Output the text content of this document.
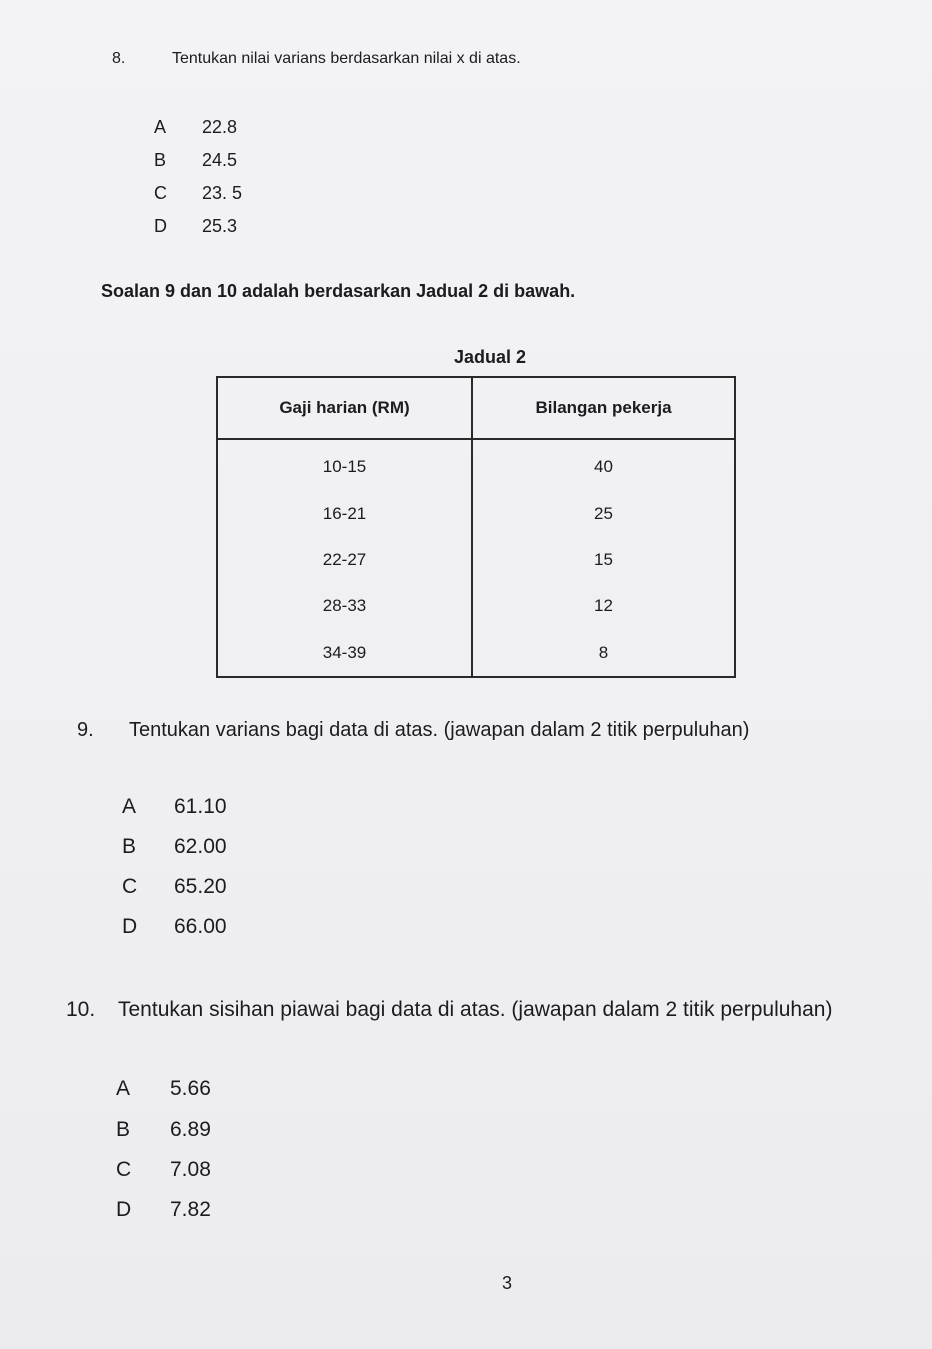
8.	Tentukan nilai varians berdasarkan nilai x di atas.
A 22.8
B 24.5
C 23. 5
D 25.3
Soalan 9 dan 10 adalah berdasarkan Jadual 2 di bawah.
Jadual 2
Gaji harian (RM)	Bilangan pekerja
10-15	40
16-21	25
22-27	15
28-33	12
34-39	8
9. Tentukan varians bagi data di atas. (jawapan dalam 2 titik perpuluhan)
A 61.10
B 62.00
C 65.20
D 66.00
10. Tentukan sisihan piawai bagi data di atas. (jawapan dalam 2 titik perpuluhan)
A 5.66
B 6.89
C 7.08
D 7.82
3
